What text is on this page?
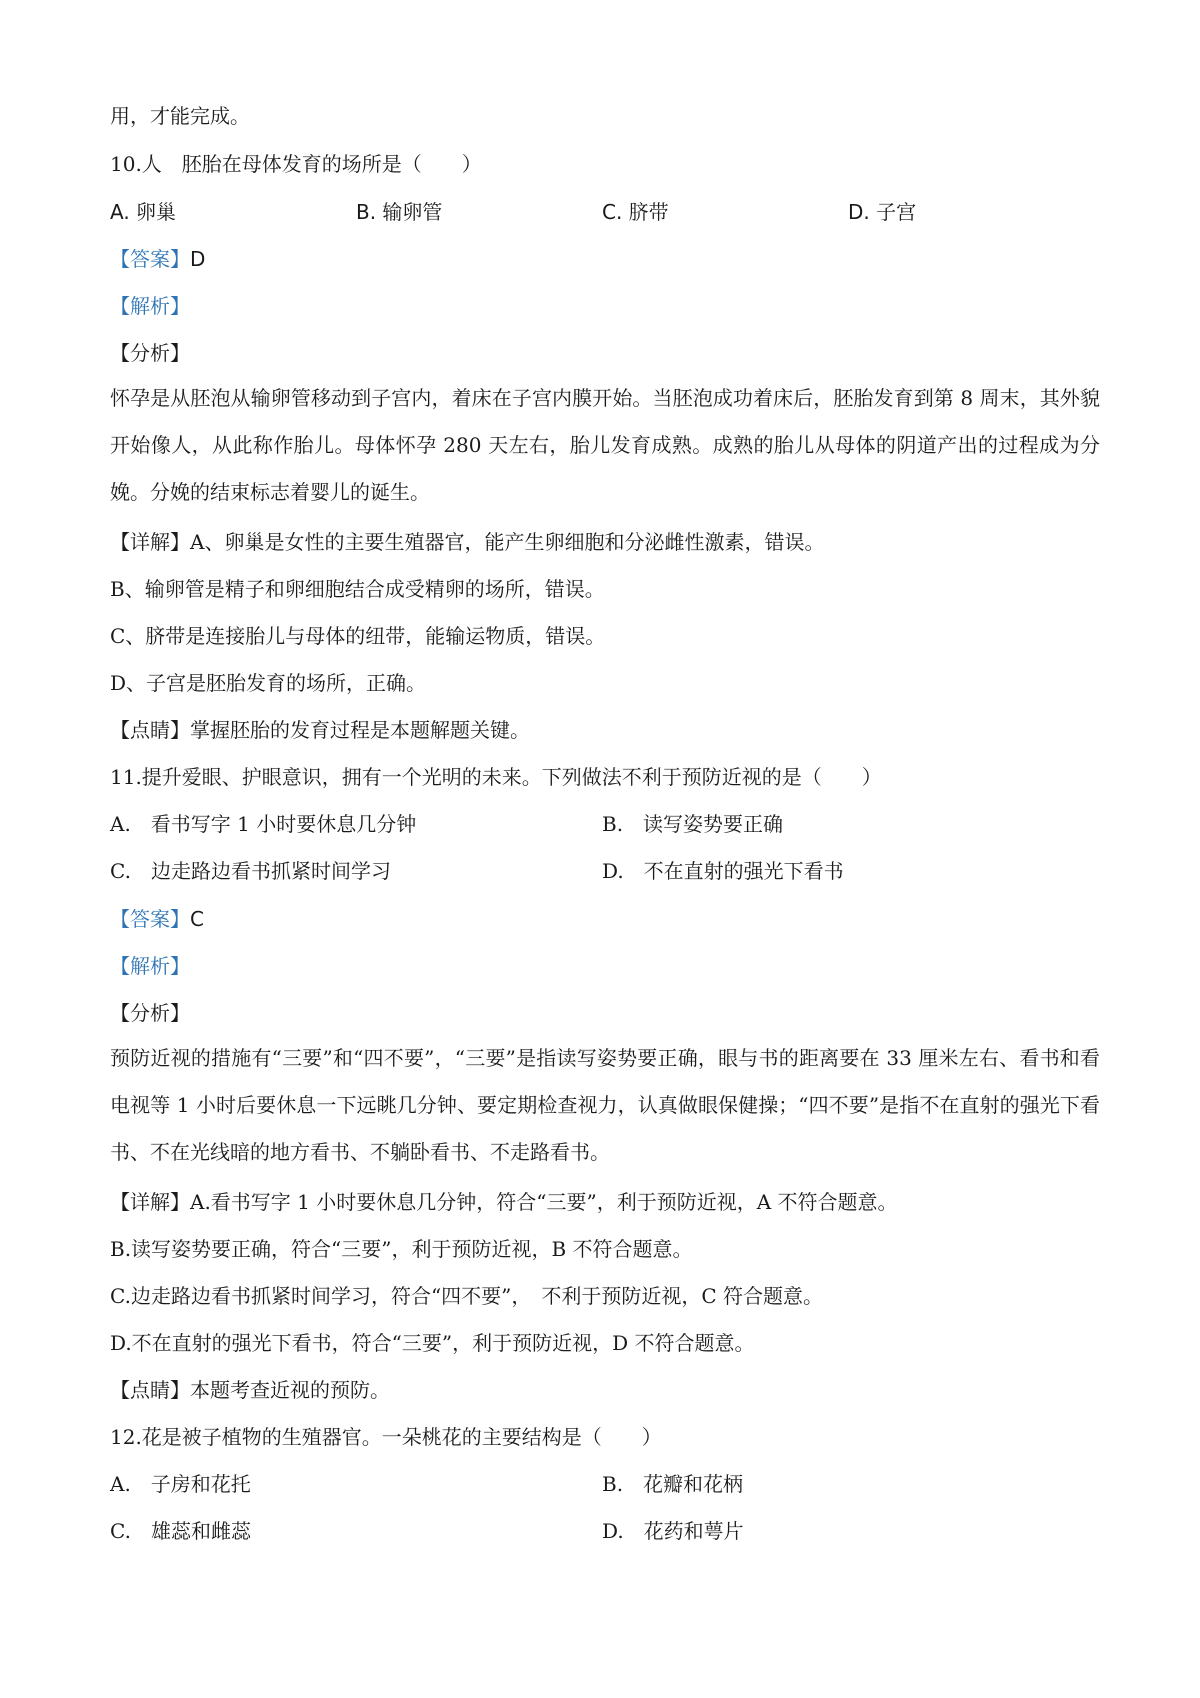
用，才能完成。
10.人　胚胎在母体发育的场所是（　　）
A. 卵巢	B. 输卵管	C. 脐带	D. 子宫
【答案】D
【解析】
【分析】
怀孕是从胚泡从输卵管移动到子宫内，着床在子宫内膜开始。当胚泡成功着床后，胚胎发育到第 8 周末，其外貌开始像人，从此称作胎儿。母体怀孕 280 天左右，胎儿发育成熟。成熟的胎儿从母体的阴道产出的过程成为分娩。分娩的结束标志着婴儿的诞生。
【详解】A、卵巢是女性的主要生殖器官，能产生卵细胞和分泌雌性激素，错误。
B、输卵管是精子和卵细胞结合成受精卵的场所，错误。
C、脐带是连接胎儿与母体的纽带，能输运物质，错误。
D、子宫是胚胎发育的场所，正确。
【点睛】掌握胚胎的发育过程是本题解题关键。
11.提升爱眼、护眼意识，拥有一个光明的未来。下列做法不利于预防近视的是（　　）
A.　看书写字 1 小时要休息几分钟	B.　读写姿势要正确
C.　边走路边看书抓紧时间学习	D.　不在直射的强光下看书
【答案】C
【解析】
【分析】
预防近视的措施有“三要”和“四不要”，“三要”是指读写姿势要正确，眼与书的距离要在 33 厘米左右、看书和看电视等 1 小时后要休息一下远眺几分钟、要定期检查视力，认真做眼保健操；“四不要”是指不在直射的强光下看书、不在光线暗的地方看书、不躺卧看书、不走路看书。
【详解】A.看书写字 1 小时要休息几分钟，符合“三要”，利于预防近视，A 不符合题意。
B.读写姿势要正确，符合“三要”，利于预防近视，B 不符合题意。
C.边走路边看书抓紧时间学习，符合“四不要”，　不利于预防近视，C 符合题意。
D.不在直射的强光下看书，符合“三要”，利于预防近视，D 不符合题意。
【点睛】本题考查近视的预防。
12.花是被子植物的生殖器官。一朵桃花的主要结构是（　　）
A.　子房和花托	B.　花瓣和花柄
C.　雄蕊和雌蕊	D.　花药和萼片
